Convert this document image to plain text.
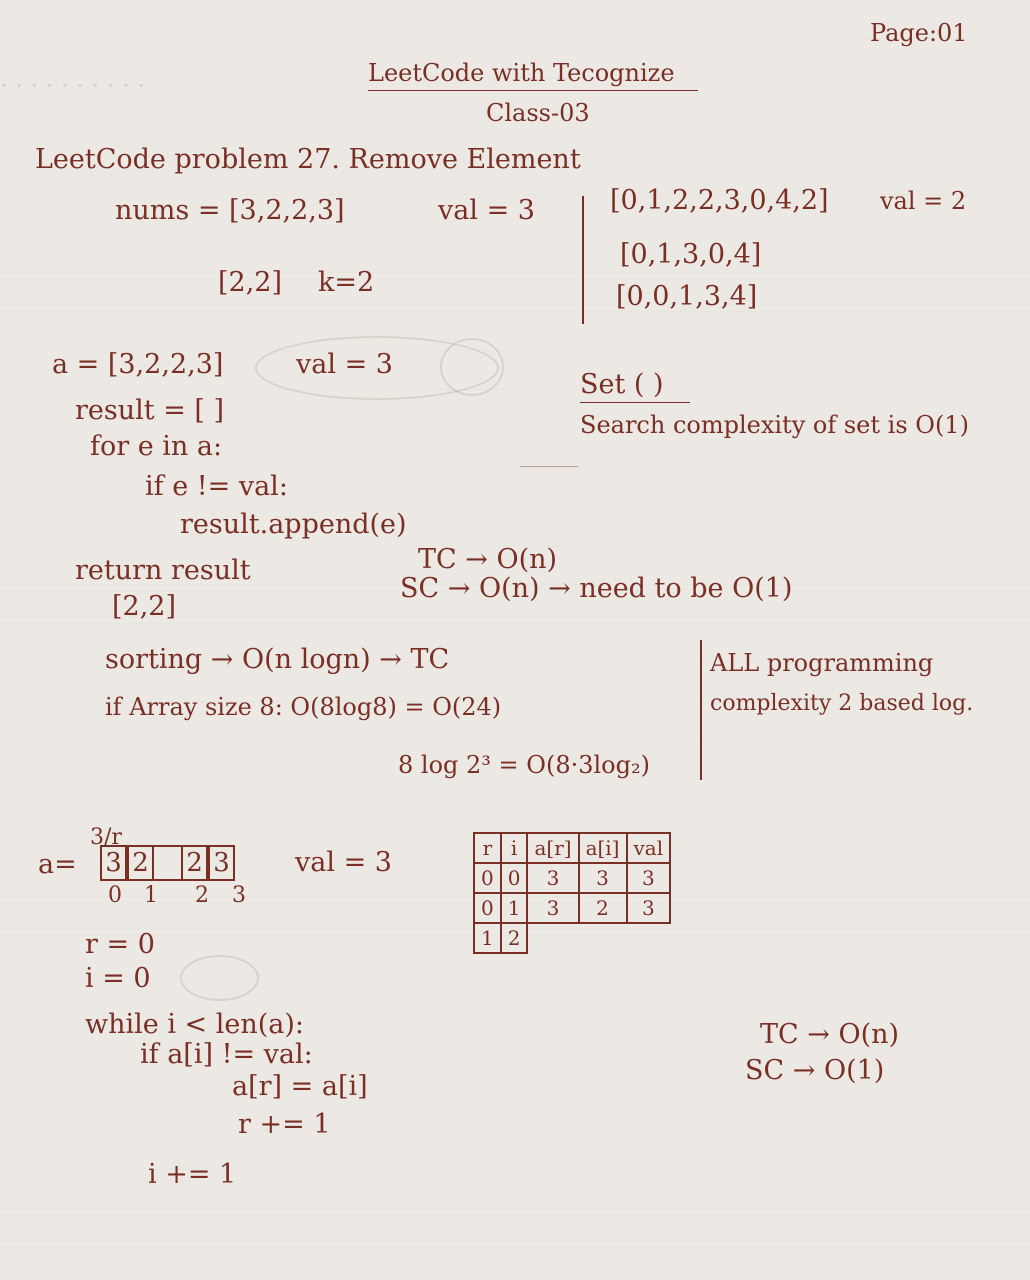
· · · · · · · · · ·
Page:01
LeetCode with Tecognize
Class-03
LeetCode problem 27. Remove Element
nums = [3,2,2,3]	val = 3
[2,2] k=2
[0,1,2,2,3,0,4,2] val = 2
[0,1,3,0,4]
[0,0,1,3,4]
a = [3,2,2,3]	val = 3
result = [ ]
for e in a:
if e != val:
result.append(e)
return result
[2,2]
Set ( )
Search complexity of set is O(1)
TC → O(n)
SC → O(n) → need to be O(1)
sorting → O(n logn) → TC
if Array size 8: O(8log8) = O(24)
8 log 2³ = O(8·3log₂)
ALL programming
complexity 2 based log.
3/r
a= 3 2 2 3
0 1 2 3
val = 3
r = 0
i = 0
while i < len(a):
if a[i] != val:
a[r] = a[i]
r += 1
i += 1
r	i	a[r]	a[i]	val
0	0	3	3	3
0	1	3	2	3
1	2			
TC → O(n)
SC → O(1)
